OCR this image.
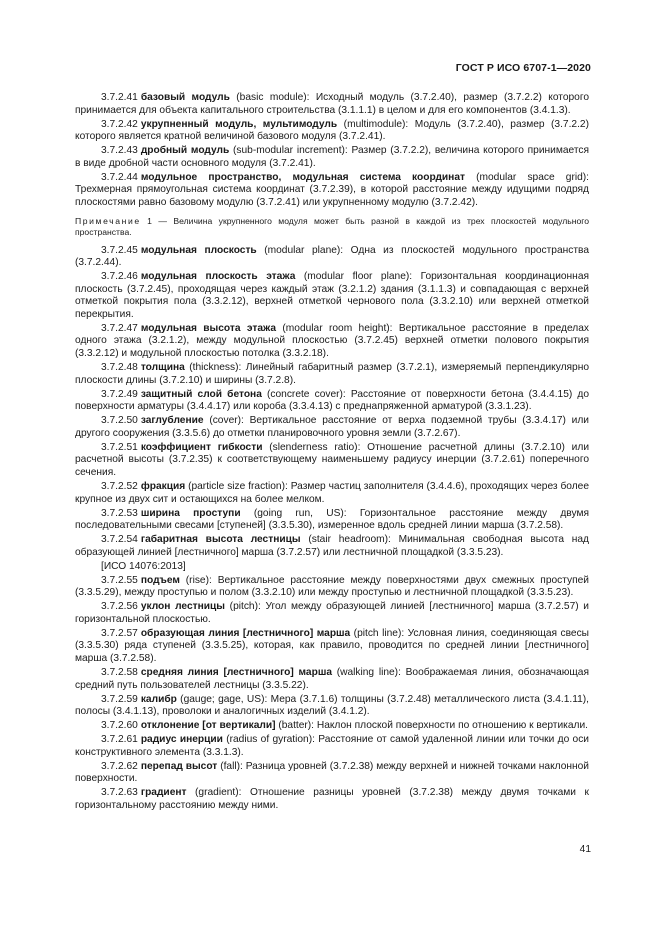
ГОСТ Р ИСО 6707-1—2020

3.7.2.41 базовый модуль (basic module): Исходный модуль (3.7.2.40), размер (3.7.2.2) которого принимается для объекта капитального строительства (3.1.1.1) в целом и для его компонентов (3.4.1.3).

3.7.2.42 укрупненный модуль, мультимодуль (multimodule): Модуль (3.7.2.40), размер (3.7.2.2) которого является кратной величиной базового модуля (3.7.2.41).

3.7.2.43 дробный модуль (sub-modular increment): Размер (3.7.2.2), величина которого принимается в виде дробной части основного модуля (3.7.2.41).

3.7.2.44 модульное пространство, модульная система координат (modular space grid): Трехмерная прямоугольная система координат (3.7.2.39), в которой расстояние между идущими подряд плоскостями равно базовому модулю (3.7.2.41) или укрупненному модулю (3.7.2.42).

Примечание 1 — Величина укрупненного модуля может быть разной в каждой из трех плоскостей модульного пространства.

3.7.2.45 модульная плоскость (modular plane): Одна из плоскостей модульного пространства (3.7.2.44).

3.7.2.46 модульная плоскость этажа (modular floor plane): Горизонтальная координационная плоскость (3.7.2.45), проходящая через каждый этаж (3.2.1.2) здания (3.1.1.3) и совпадающая с верхней отметкой покрытия пола (3.3.2.12), верхней отметкой чернового пола (3.3.2.10) или верхней отметкой перекрытия.

3.7.2.47 модульная высота этажа (modular room height): Вертикальное расстояние в пределах одного этажа (3.2.1.2), между модульной плоскостью (3.7.2.45) верхней отметки полового покрытия (3.3.2.12) и модульной плоскостью потолка (3.3.2.18).

3.7.2.48 толщина (thickness): Линейный габаритный размер (3.7.2.1), измеряемый перпендикулярно плоскости длины (3.7.2.10) и ширины (3.7.2.8).

3.7.2.49 защитный слой бетона (concrete cover): Расстояние от поверхности бетона (3.4.4.15) до поверхности арматуры (3.4.4.17) или короба (3.3.4.13) с преднапряженной арматурой (3.3.1.23).

3.7.2.50 заглубление (cover): Вертикальное расстояние от верха подземной трубы (3.3.4.17) или другого сооружения (3.3.5.6) до отметки планировочного уровня земли (3.7.2.67).

3.7.2.51 коэффициент гибкости (slenderness ratio): Отношение расчетной длины (3.7.2.10) или расчетной высоты (3.7.2.35) к соответствующему наименьшему радиусу инерции (3.7.2.61) поперечного сечения.

3.7.2.52 фракция (particle size fraction): Размер частиц заполнителя (3.4.4.6), проходящих через более крупное из двух сит и остающихся на более мелком.

3.7.2.53 ширина проступи (going run, US): Горизонтальное расстояние между двумя последовательными свесами [ступеней] (3.3.5.30), измеренное вдоль средней линии марша (3.7.2.58).

3.7.2.54 габаритная высота лестницы (stair headroom): Минимальная свободная высота над образующей линией [лестничного] марша (3.7.2.57) или лестничной площадкой (3.3.5.23).

[ИСО 14076:2013]

3.7.2.55 подъем (rise): Вертикальное расстояние между поверхностями двух смежных проступей (3.3.5.29), между проступью и полом (3.3.2.10) или между проступью и лестничной площадкой (3.3.5.23).

3.7.2.56 уклон лестницы (pitch): Угол между образующей линией [лестничного] марша (3.7.2.57) и горизонтальной плоскостью.

3.7.2.57 образующая линия [лестничного] марша (pitch line): Условная линия, соединяющая свесы (3.3.5.30) ряда ступеней (3.3.5.25), которая, как правило, проводится по средней линии [лестничного] марша (3.7.2.58).

3.7.2.58 средняя линия [лестничного] марша (walking line): Воображаемая линия, обозначающая средний путь пользователей лестницы (3.3.5.22).

3.7.2.59 калибр (gauge; gage, US): Мера (3.7.1.6) толщины (3.7.2.48) металлического листа (3.4.1.11), полосы (3.4.1.13), проволоки и аналогичных изделий (3.4.1.2).

3.7.2.60 отклонение [от вертикали] (batter): Наклон плоской поверхности по отношению к вертикали.

3.7.2.61 радиус инерции (radius of gyration): Расстояние от самой удаленной линии или точки до оси конструктивного элемента (3.3.1.3).

3.7.2.62 перепад высот (fall): Разница уровней (3.7.2.38) между верхней и нижней точками наклонной поверхности.

3.7.2.63 градиент (gradient): Отношение разницы уровней (3.7.2.38) между двумя точками к горизонтальному расстоянию между ними.

41
